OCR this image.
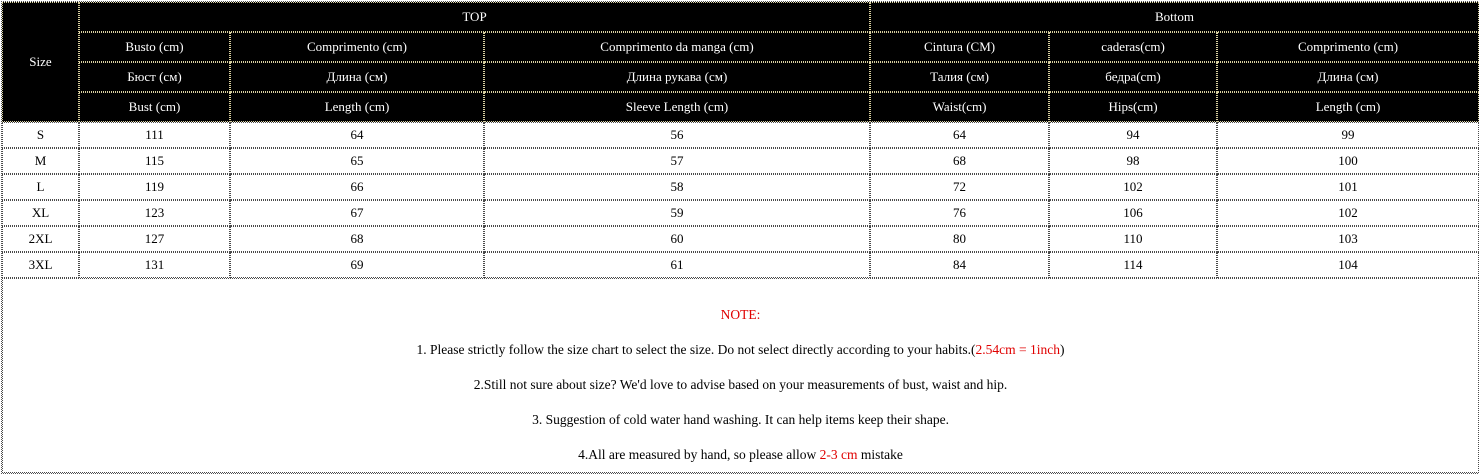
Size	TOP			Bottom		
	Busto (cm)	Comprimento (cm)	Comprimento da manga (cm)	Cintura (CM)	caderas(cm)	Comprimento (cm)
	Бюст (см)	Длина (см)	Длина рукава (см)	Талия (см)	бедра(cm)	Длина (см)
	Bust (cm)	Length (cm)	Sleeve Length (cm)	Waist(cm)	Hips(cm)	Length (cm)
S	111	64	56	64	94	99
M	115	65	57	68	98	100
L	119	66	58	72	102	101
XL	123	67	59	76	106	102
2XL	127	68	60	80	110	103
3XL	131	69	61	84	114	104

NOTE:
1. Please strictly follow the size chart to select the size. Do not select directly according to your habits.(2.54cm = 1inch)
2.Still not sure about size? We'd love to advise based on your measurements of bust, waist and hip.
3. Suggestion of cold water hand washing. It can help items keep their shape.
4.All are measured by hand, so please allow 2-3 cm mistake						
